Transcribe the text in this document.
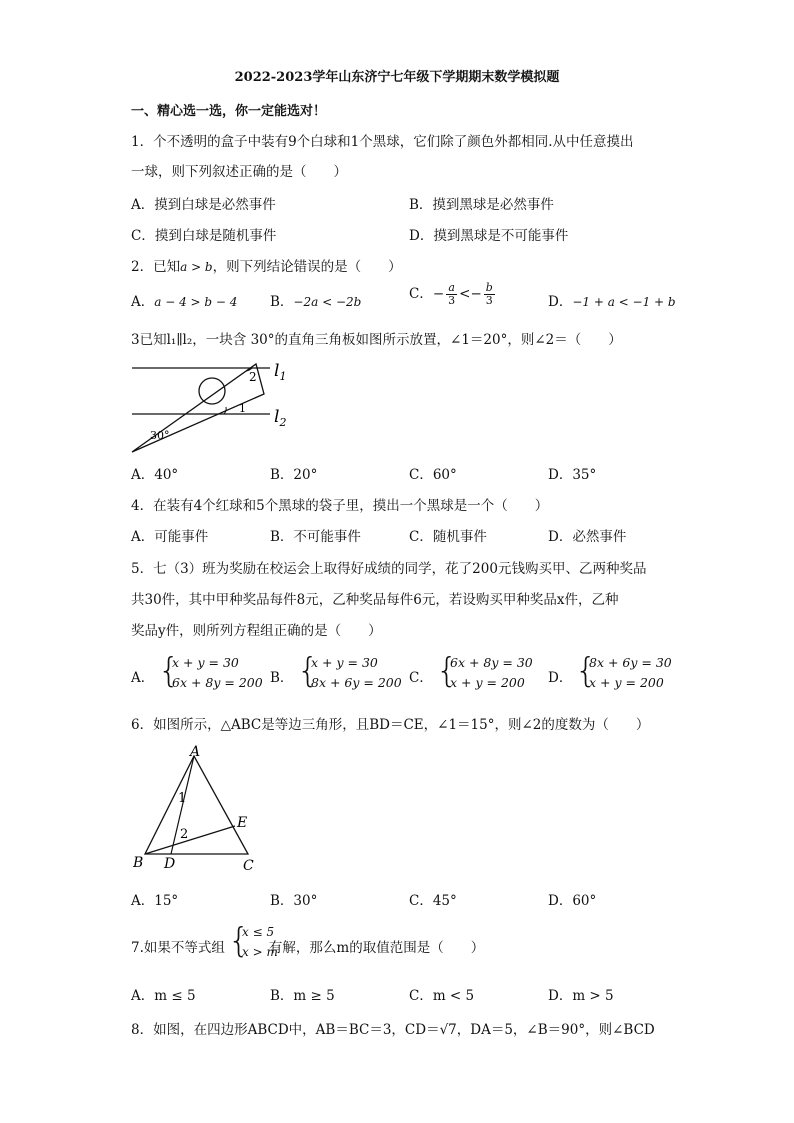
2022-2023学年山东济宁七年级下学期期末数学模拟题
一、精心选一选，你一定能选对！
1．个不透明的盒子中装有9个白球和1个黑球，它们除了颜色外都相同.从中任意摸出
一球，则下列叙述正确的是（　　）
A．摸到白球是必然事件	B．摸到黑球是必然事件
C．摸到白球是随机事件	D．摸到黑球是不可能事件
2．已知a > b，则下列结论错误的是（　　）
A．a − 4 > b − 4 B．−2a < −2b	C．− $\frac{a}{3} <- \frac{b}{3}$	D．−1 + a < −1 + b
3已知l₁∥l₂，一块含 30°的直角三角板如图所示放置，∠1＝20°，则∠2＝（　　）
2
1
30°
$l_1$
$l_2$
A．40°	B．20°	C．60°	D．35°
4．在装有4个红球和5个黑球的袋子里，摸出一个黑球是一个（　　）
A．可能事件	B．不可能事件	C．随机事件	D．必然事件
5．七（3）班为奖励在校运会上取得好成绩的同学，花了200元钱购买甲、乙两种奖品
共30件，其中甲种奖品每件8元，乙种奖品每件6元，若设购买甲种奖品x件，乙种
奖品y件，则所列方程组正确的是（　　）
A． {
x + y = 30
6x + 8y = 200 B． {
x + y = 30
8x + 6y = 200 C． {
6x + 8y = 30
x + y = 200 D． {
8x + 6y = 30
x + y = 200
6．如图所示，△ABC是等边三角形，且BD＝CE，∠1＝15°，则∠2的度数为（　　）
A
B	C
D
E
1
2
A．15°	B．30°	C．45°	D．60°
7.如果不等式组	有解，那么m的取值范围是（　　）
{
x ≤ 5
x > m
A．m ≤ 5	B．m ≥ 5	C．m < 5	D．m > 5
8．如图，在四边形ABCD中，AB＝BC＝3，CD＝√7，DA＝5，∠B＝90°，则∠BCD
